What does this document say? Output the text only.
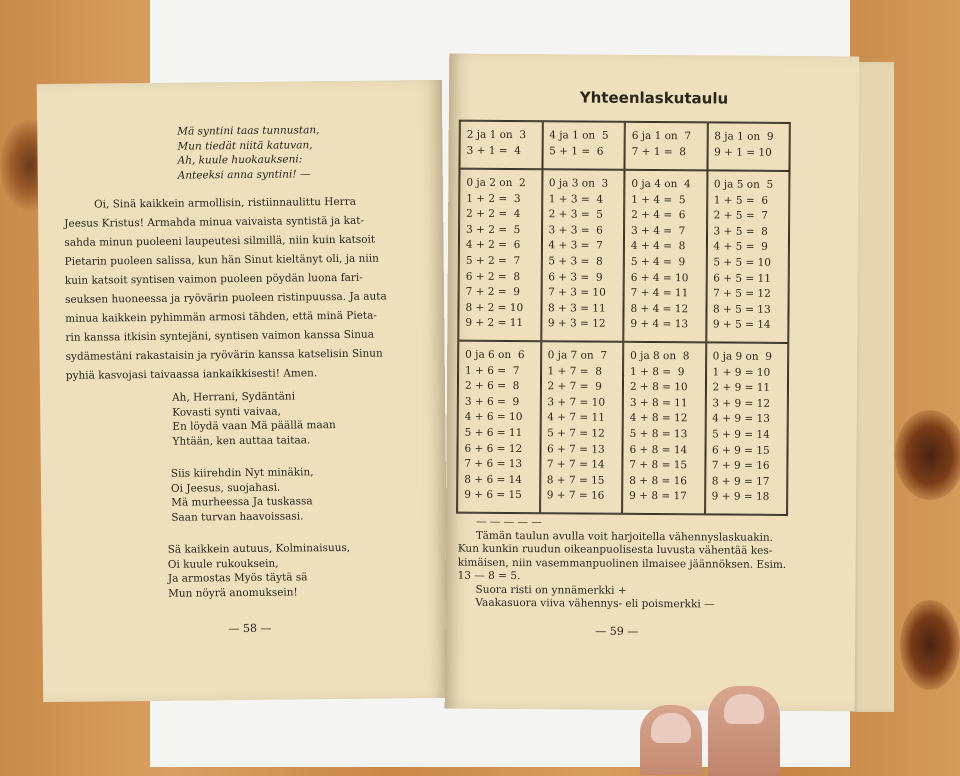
Mä syntini taas tunnustan,
Mun tiedät niitä katuvan,
Ah, kuule huokaukseni:
Anteeksi anna syntini! —
Oi, Sinä kaikkein armollisin, ristiinnaulittu Herra
Jeesus Kristus! Armahda minua vaivaista syntistä ja kat-
sahda minun puoleeni laupeutesi silmillä, niin kuin katsoit
Pietarin puoleen salissa, kun hän Sinut kieltänyt oli, ja niin
kuin katsoit syntisen vaimon puoleen pöydän luona fari-
seuksen huoneessa ja ryövärin puoleen ristinpuussa. Ja auta
minua kaikkein pyhimmän armosi tähden, että minä Pieta-
rin kanssa itkisin syntejäni, syntisen vaimon kanssa Sinua
sydämestäni rakastaisin ja ryövärin kanssa katselisin Sinun
pyhiä kasvojasi taivaassa iankaikkisesti! Amen.
Ah, Herrani, Sydäntäni
Kovasti synti vaivaa,
En löydä vaan Mä päällä maan
Yhtään, ken auttaa taitaa.
Siis kiirehdin Nyt minäkin,
Oi Jeesus, suojahasi.
Mä murheessa Ja tuskassa
Saan turvan haavoissasi.
Sä kaikkein autuus, Kolminaisuus,
Oi kuule rukouksein,
Ja armostas Myös täytä sä
Mun nöyrä anomuksein!
— 58 —
Yhteenlaskutaulu
2 ja 1 on  3
3 + 1 =  4
4 ja 1 on  5
5 + 1 =  6
6 ja 1 on  7
7 + 1 =  8
8 ja 1 on  9
9 + 1 = 10
0 ja 2 on  2
1 + 2 =  3
2 + 2 =  4
3 + 2 =  5
4 + 2 =  6
5 + 2 =  7
6 + 2 =  8
7 + 2 =  9
8 + 2 = 10
9 + 2 = 11
0 ja 3 on  3
1 + 3 =  4
2 + 3 =  5
3 + 3 =  6
4 + 3 =  7
5 + 3 =  8
6 + 3 =  9
7 + 3 = 10
8 + 3 = 11
9 + 3 = 12
0 ja 4 on  4
1 + 4 =  5
2 + 4 =  6
3 + 4 =  7
4 + 4 =  8
5 + 4 =  9
6 + 4 = 10
7 + 4 = 11
8 + 4 = 12
9 + 4 = 13
0 ja 5 on  5
1 + 5 =  6
2 + 5 =  7
3 + 5 =  8
4 + 5 =  9
5 + 5 = 10
6 + 5 = 11
7 + 5 = 12
8 + 5 = 13
9 + 5 = 14
0 ja 6 on  6
1 + 6 =  7
2 + 6 =  8
3 + 6 =  9
4 + 6 = 10
5 + 6 = 11
6 + 6 = 12
7 + 6 = 13
8 + 6 = 14
9 + 6 = 15
0 ja 7 on  7
1 + 7 =  8
2 + 7 =  9
3 + 7 = 10
4 + 7 = 11
5 + 7 = 12
6 + 7 = 13
7 + 7 = 14
8 + 7 = 15
9 + 7 = 16
0 ja 8 on  8
1 + 8 =  9
2 + 8 = 10
3 + 8 = 11
4 + 8 = 12
5 + 8 = 13
6 + 8 = 14
7 + 8 = 15
8 + 8 = 16
9 + 8 = 17
0 ja 9 on  9
1 + 9 = 10
2 + 9 = 11
3 + 9 = 12
4 + 9 = 13
5 + 9 = 14
6 + 9 = 15
7 + 9 = 16
8 + 9 = 17
9 + 9 = 18
— — — — —
Tämän taulun avulla voit harjoitella vähennyslaskuakin.
Kun kunkin ruudun oikeanpuolisesta luvusta vähentää kes-
kimäisen, niin vasemmanpuolinen ilmaisee jäännöksen. Esim.
13 — 8 = 5.
Suora risti on ynnämerkki +
Vaakasuora viiva vähennys- eli poismerkki —
— 59 —
